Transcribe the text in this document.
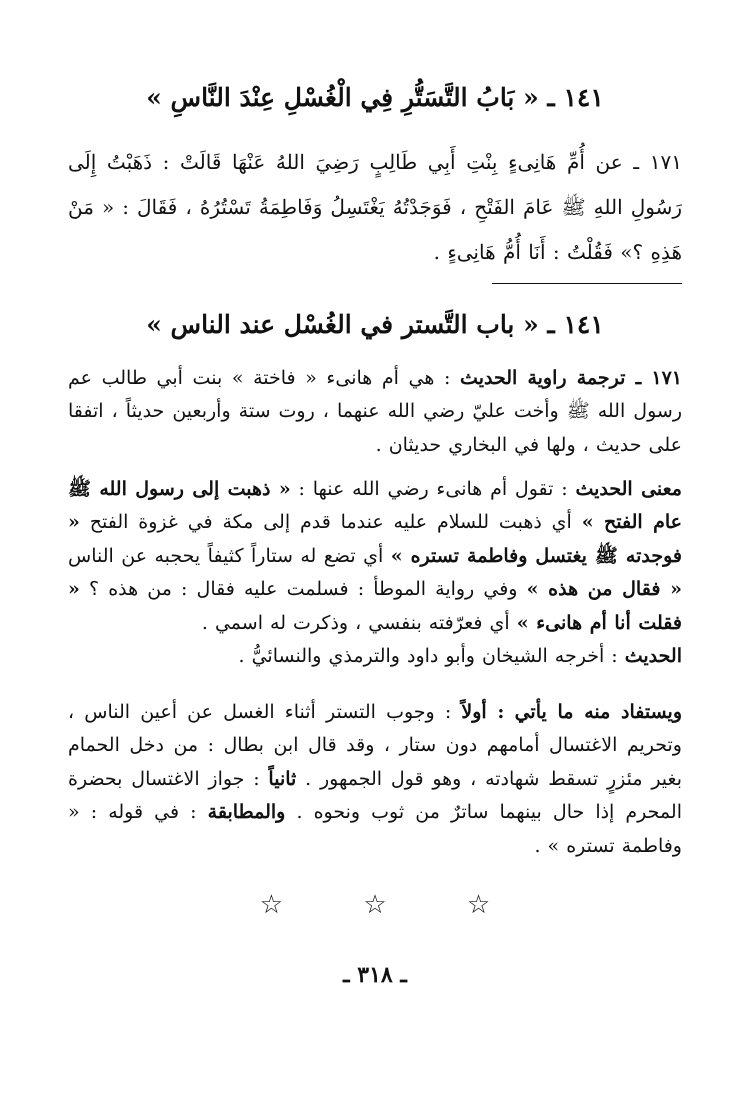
١٤١ ـ « بَابُ التَّسَتُّرِ فِي الْغُسْلِ عِنْدَ النَّاسِ »
١٧١ ـ عن أُمِّ هَانِىءٍ بِنْتِ أَبِي طَالِبٍ رَضِيَ اللهُ عَنْهَا قَالَتْ : ذَهَبْتُ إِلَى رَسُولِ اللهِ ﷺ عَامَ الفَتْحِ ، فَوَجَدْتُهُ يَغْتَسِلُ وَفَاطِمَةُ تَسْتُرُهُ ، فَقَالَ : « مَنْ هَذِهِ ؟» فَقُلْتُ : أَنَا أُمُّ هَانِىءٍ .
١٤١ ـ « باب التَّستر في الغُسْل عند الناس »
١٧١ ـ ترجمة راوية الحديث : هي أم هانىء « فاختة » بنت أبي طالب عم رسول الله ﷺ وأخت عليّ رضي الله عنهما ، روت ستة وأربعين حديثاً ، اتفقا على حديث ، ولها في البخاري حديثان .
معنى الحديث : تقول أم هانىء رضي الله عنها : « ذهبت إلى رسول الله ﷺ عام الفتح » أي ذهبت للسلام عليه عندما قدم إلى مكة في غزوة الفتح « فوجدته ﷺ يغتسل وفاطمة تستره » أي تضع له ستاراً كثيفاً يحجبه عن الناس « فقال من هذه » وفي رواية الموطأ : فسلمت عليه فقال : من هذه ؟ « فقلت أنا أم هانىء » أي فعرّفته بنفسي ، وذكرت له اسمي .
الحديث : أخرجه الشيخان وأبو داود والترمذي والنسائيُّ .
ويستفاد منه ما يأتي : أولاً : وجوب التستر أثناء الغسل عن أعين الناس ، وتحريم الاغتسال أمامهم دون ستار ، وقد قال ابن بطال : من دخل الحمام بغير مئزرٍ تسقط شهادته ، وهو قول الجمهور . ثانياً : جواز الاغتسال بحضرة المحرم إذا حال بينهما ساترٌ من ثوب ونحوه . والمطابقة : في قوله : « وفاطمة تستره » .
☆ ☆ ☆
ـ ٣١٨ ـ
